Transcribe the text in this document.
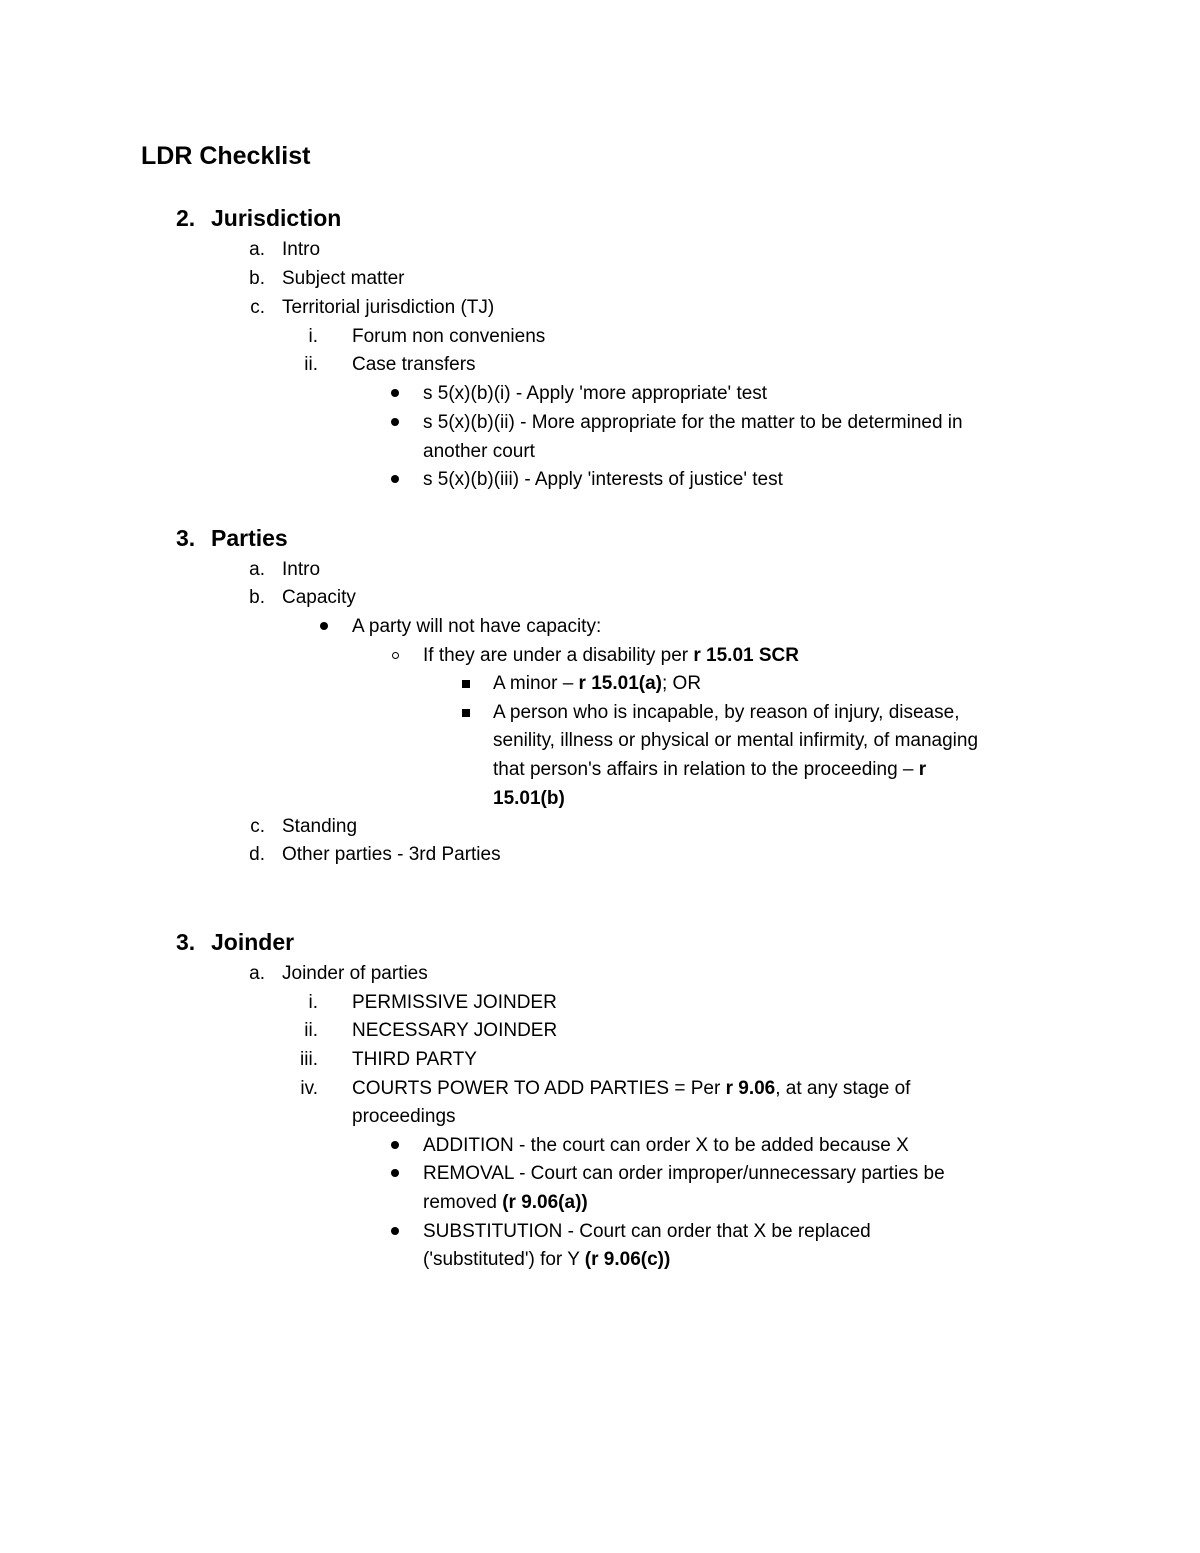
LDR Checklist
2. Jurisdiction
a. Intro
b. Subject matter
c. Territorial jurisdiction (TJ)
i. Forum non conveniens
ii. Case transfers
s 5(x)(b)(i) - Apply 'more appropriate' test
s 5(x)(b)(ii) - More appropriate for the matter to be determined in
another court
s 5(x)(b)(iii) - Apply 'interests of justice' test
3. Parties
a. Intro
b. Capacity
A party will not have capacity:
If they are under a disability per r 15.01 SCR
A minor – r 15.01(a); OR
A person who is incapable, by reason of injury, disease,
senility, illness or physical or mental infirmity, of managing
that person's affairs in relation to the proceeding – r
15.01(b)
c. Standing
d. Other parties - 3rd Parties
3. Joinder
a. Joinder of parties
i. PERMISSIVE JOINDER
ii. NECESSARY JOINDER
iii. THIRD PARTY
iv. COURTS POWER TO ADD PARTIES = Per r 9.06, at any stage of
proceedings
ADDITION - the court can order X to be added because X
REMOVAL - Court can order improper/unnecessary parties be
removed (r 9.06(a))
SUBSTITUTION - Court can order that X be replaced
('substituted') for Y (r 9.06(c))
